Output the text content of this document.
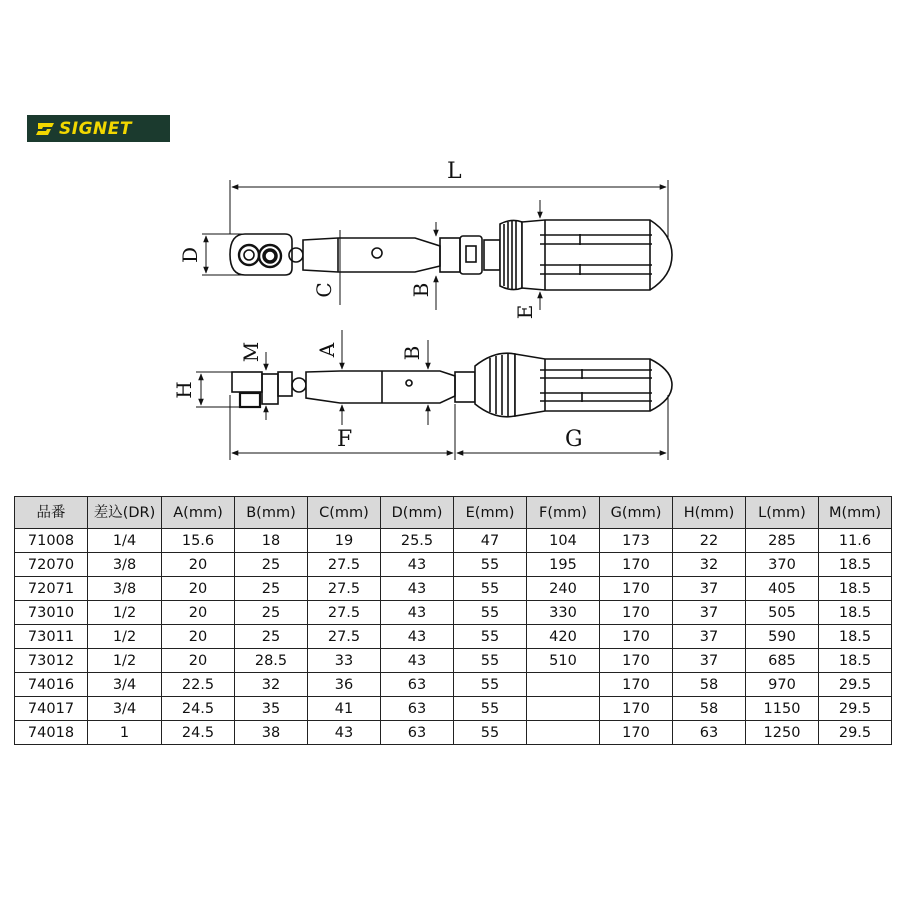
SIGNET
L
D
C	B
E
M	A	B
H
F	G
品番	差込(DR)	A(mm)	B(mm)	C(mm)	D(mm)	E(mm)	F(mm)	G(mm)	H(mm)	L(mm)	M(mm)
71008	1/4	15.6	18	19	25.5	47	104	173	22	285	11.6
72070	3/8	20	25	27.5	43	55	195	170	32	370	18.5
72071	3/8	20	25	27.5	43	55	240	170	37	405	18.5
73010	1/2	20	25	27.5	43	55	330	170	37	505	18.5
73011	1/2	20	25	27.5	43	55	420	170	37	590	18.5
73012	1/2	20	28.5	33	43	55	510	170	37	685	18.5
74016	3/4	22.5	32	36	63	55		170	58	970	29.5
74017	3/4	24.5	35	41	63	55		170	58	1150	29.5
74018	1	24.5	38	43	63	55		170	63	1250	29.5
